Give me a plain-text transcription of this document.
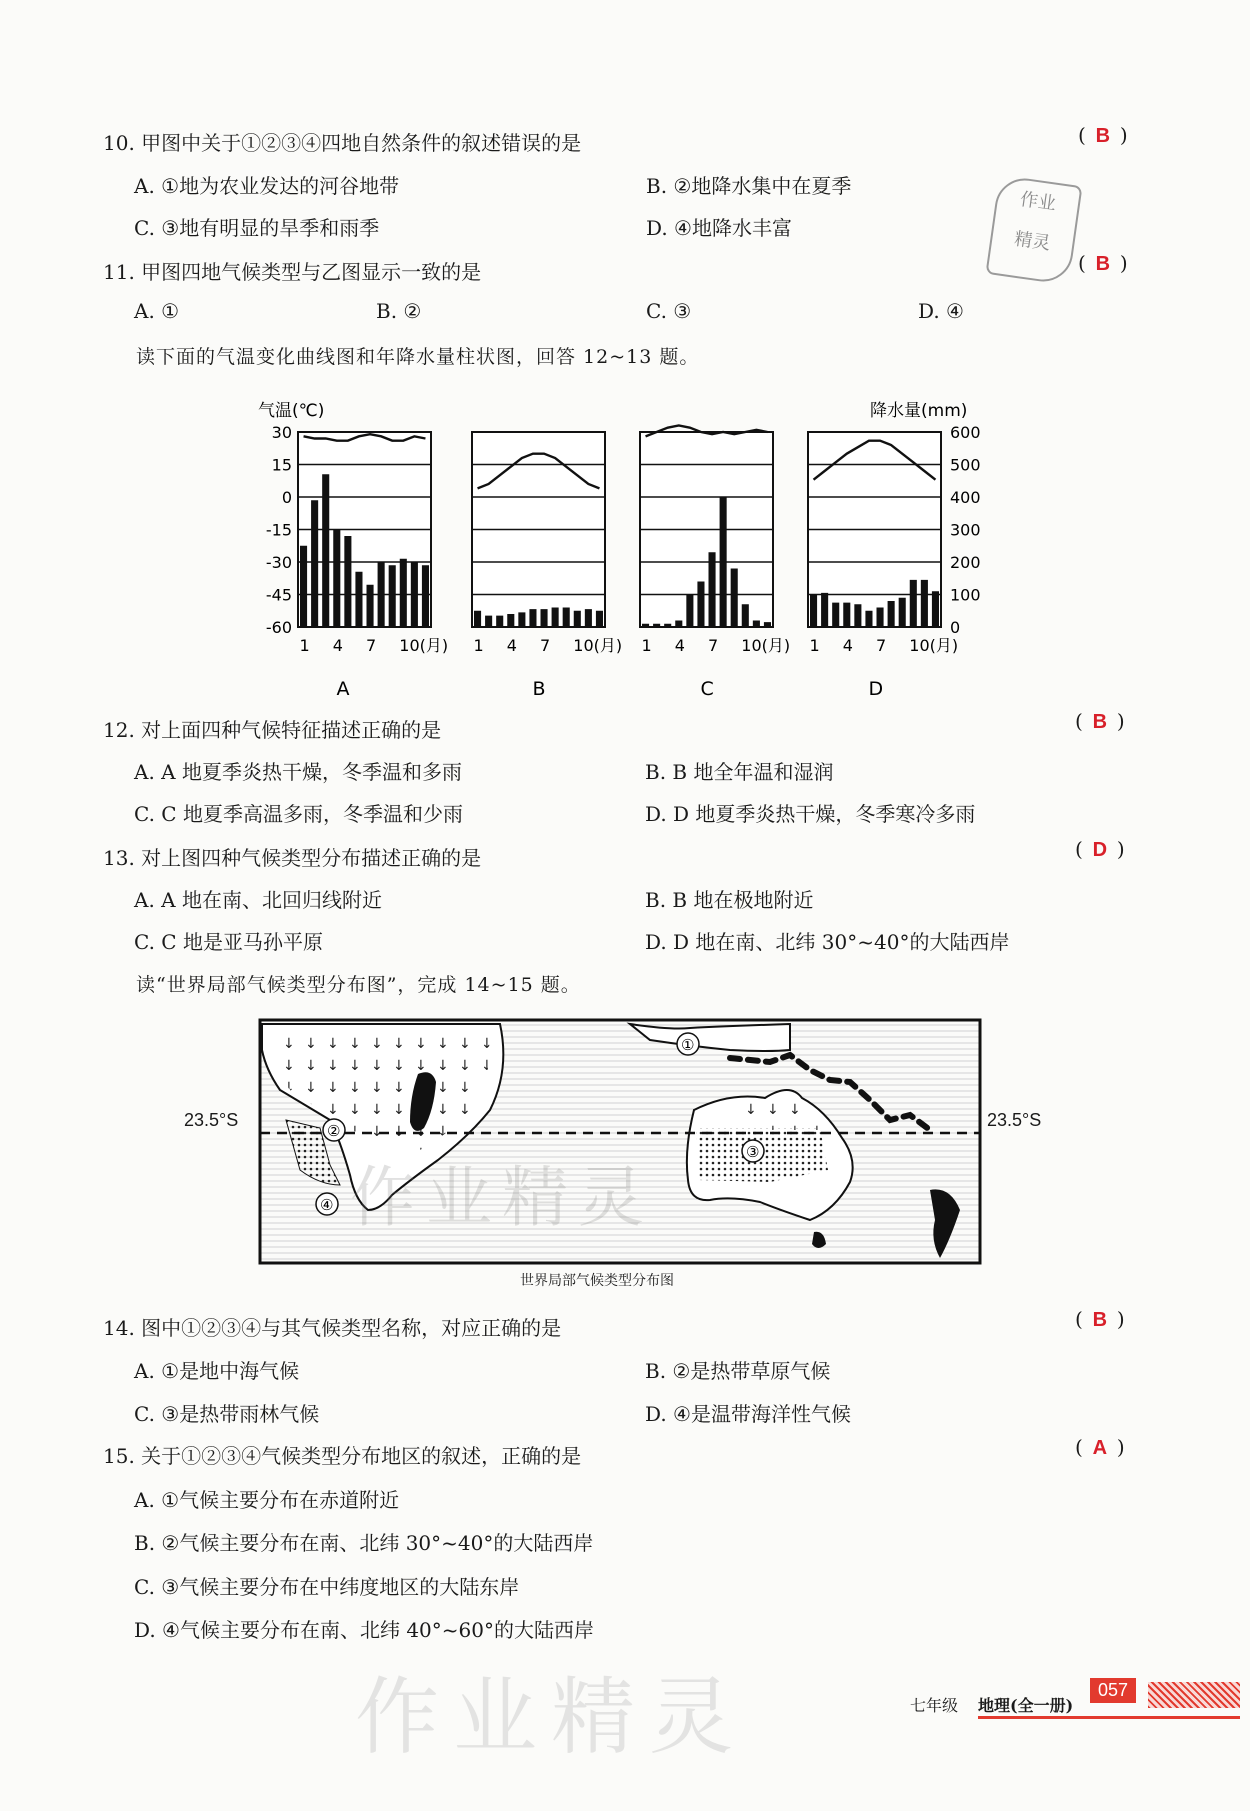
10. 甲图中关于①②③④四地自然条件的叙述错误的是	( B )
A. ①地为农业发达的河谷地带	B. ②地降水集中在夏季
C. ③地有明显的旱季和雨季	D. ④地降水丰富
作业
精灵
11. 甲图四地气候类型与乙图显示一致的是	( B )
A. ①	B. ②	C. ③	D. ④
读下面的气温变化曲线图和年降水量柱状图，回答 12~13 题。
气温(℃)	降水量(mm)
30
15
0
-15
-30
-45
-60
600
500
400
300
200
100
0
1 4 7 10(月)
A
1 4 7 10(月)
B
1 4 7 10(月)
C
1 4 7 10(月)
D
12. 对上面四种气候特征描述正确的是	( B )
A. A 地夏季炎热干燥，冬季温和多雨	B. B 地全年温和湿润
C. C 地夏季高温多雨，冬季温和少雨	D. D 地夏季炎热干燥，冬季寒冷多雨
13. 对上图四种气候类型分布描述正确的是	( D )
A. A 地在南、北回归线附近	B. B 地在极地附近
C. C 地是亚马孙平原	D. D 地在南、北纬 30°~40°的大陆西岸
读“世界局部气候类型分布图”，完成 14~15 题。
①
②
③
④ 作业精灵
23.5°S	23.5°S
世界局部气候类型分布图
14. 图中①②③④与其气候类型名称，对应正确的是	( B )
A. ①是地中海气候	B. ②是热带草原气候
C. ③是热带雨林气候	D. ④是温带海洋性气候
15. 关于①②③④气候类型分布地区的叙述，正确的是	( A )
A. ①气候主要分布在赤道附近
B. ②气候主要分布在南、北纬 30°~40°的大陆西岸
C. ③气候主要分布在中纬度地区的大陆东岸
D. ④气候主要分布在南、北纬 40°~60°的大陆西岸
作业精灵	七年级 地理(全一册)
057
